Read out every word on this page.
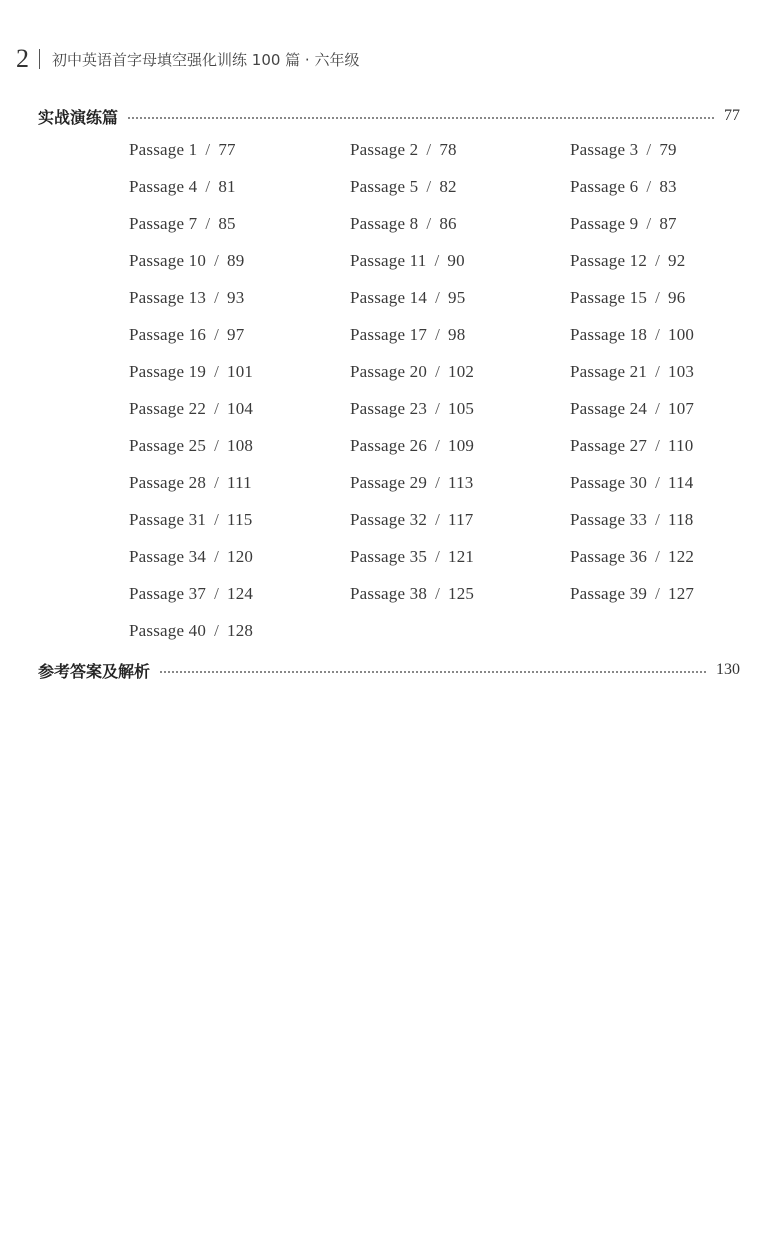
2 初中英语首字母填空强化训练 100 篇 · 六年级
实战演练篇	77
Passage 1 / 77	Passage 2 / 78	Passage 3 / 79
Passage 4 / 81	Passage 5 / 82	Passage 6 / 83
Passage 7 / 85	Passage 8 / 86	Passage 9 / 87
Passage 10 / 89	Passage 11 / 90	Passage 12 / 92
Passage 13 / 93	Passage 14 / 95	Passage 15 / 96
Passage 16 / 97	Passage 17 / 98	Passage 18 / 100
Passage 19 / 101	Passage 20 / 102	Passage 21 / 103
Passage 22 / 104	Passage 23 / 105	Passage 24 / 107
Passage 25 / 108	Passage 26 / 109	Passage 27 / 110
Passage 28 / 111	Passage 29 / 113	Passage 30 / 114
Passage 31 / 115	Passage 32 / 117	Passage 33 / 118
Passage 34 / 120	Passage 35 / 121	Passage 36 / 122
Passage 37 / 124	Passage 38 / 125	Passage 39 / 127
Passage 40 / 128
参考答案及解析	130
